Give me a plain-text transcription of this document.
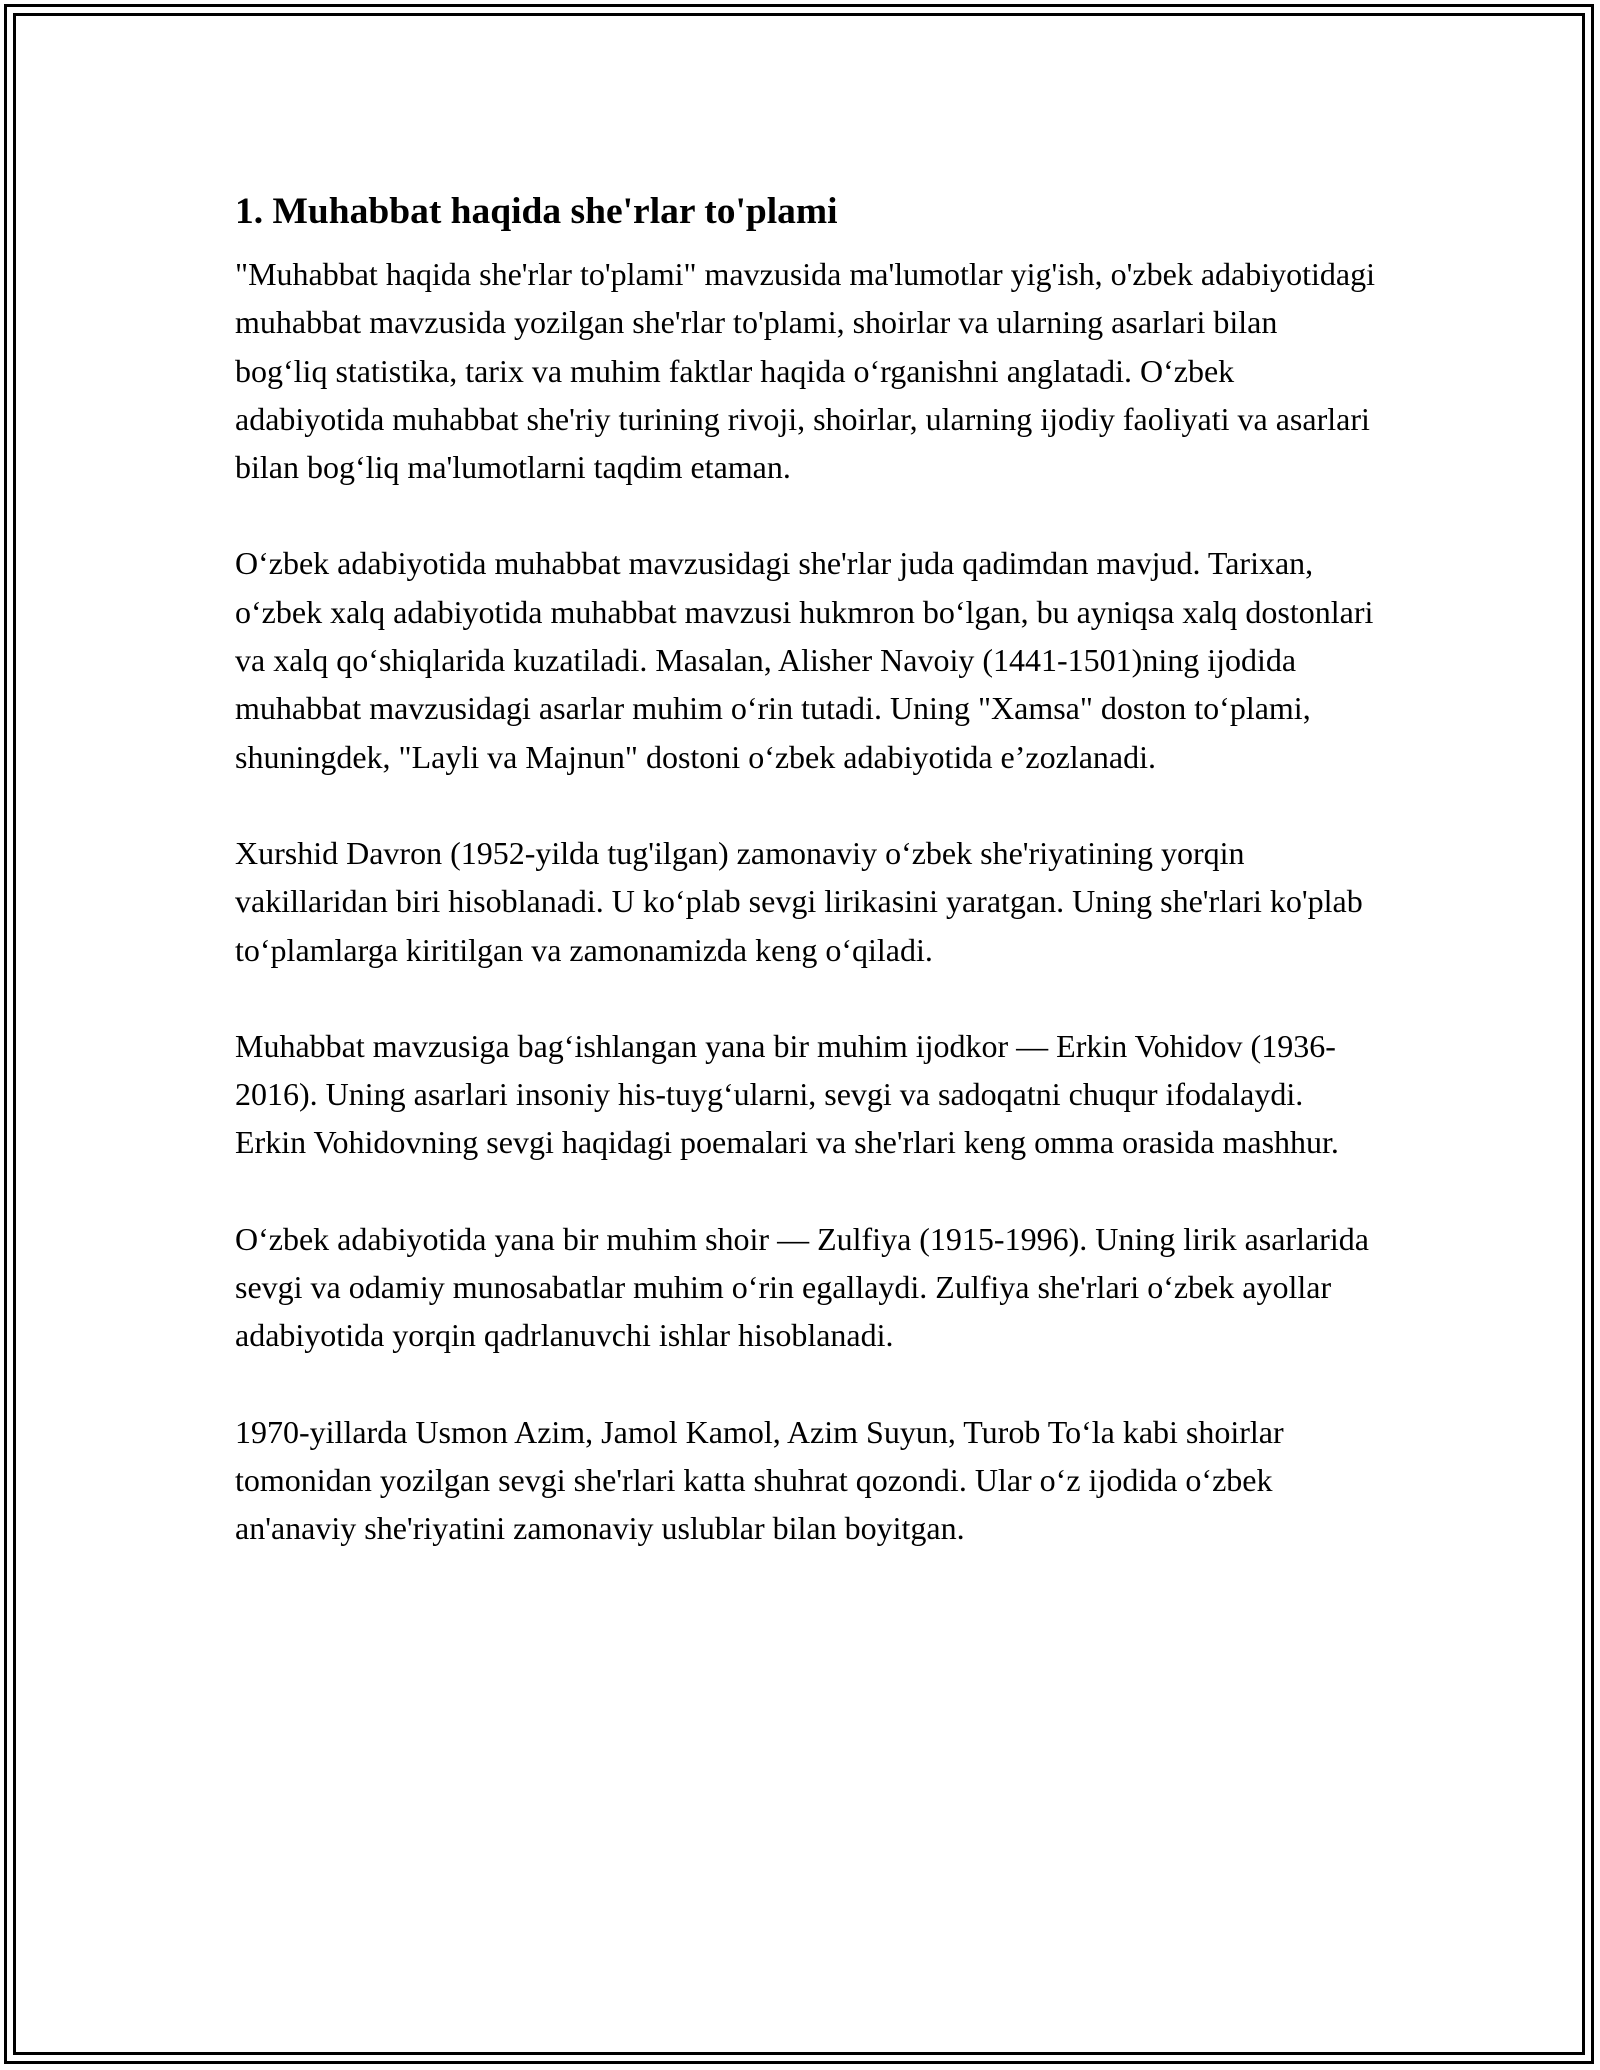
1. Muhabbat haqida she'rlar to'plami

"Muhabbat haqida she'rlar to'plami" mavzusida ma'lumotlar yig'ish, o'zbek adabiyotidagi muhabbat mavzusida yozilgan she'rlar to'plami, shoirlar va ularning asarlari bilan bog‘liq statistika, tarix va muhim faktlar haqida o‘rganishni anglatadi. O‘zbek adabiyotida muhabbat she'riy turining rivoji, shoirlar, ularning ijodiy faoliyati va asarlari bilan bog‘liq ma'lumotlarni taqdim etaman.

O‘zbek adabiyotida muhabbat mavzusidagi she'rlar juda qadimdan mavjud. Tarixan, o‘zbek xalq adabiyotida muhabbat mavzusi hukmron bo‘lgan, bu ayniqsa xalq dostonlari va xalq qo‘shiqlarida kuzatiladi. Masalan, Alisher Navoiy (1441-1501)ning ijodida muhabbat mavzusidagi asarlar muhim o‘rin tutadi. Uning "Xamsa" doston to‘plami, shuningdek, "Layli va Majnun" dostoni o‘zbek adabiyotida e’zozlanadi.

Xurshid Davron (1952-yilda tug'ilgan) zamonaviy o‘zbek she'riyatining yorqin vakillaridan biri hisoblanadi. U ko‘plab sevgi lirikasini yaratgan. Uning she'rlari ko'plab to‘plamlarga kiritilgan va zamonamizda keng o‘qiladi.

Muhabbat mavzusiga bag‘ishlangan yana bir muhim ijodkor — Erkin Vohidov (1936-2016). Uning asarlari insoniy his-tuyg‘ularni, sevgi va sadoqatni chuqur ifodalaydi. Erkin Vohidovning sevgi haqidagi poemalari va she'rlari keng omma orasida mashhur.

O‘zbek adabiyotida yana bir muhim shoir — Zulfiya (1915-1996). Uning lirik asarlarida sevgi va odamiy munosabatlar muhim o‘rin egallaydi. Zulfiya she'rlari o‘zbek ayollar adabiyotida yorqin qadrlanuvchi ishlar hisoblanadi.

1970-yillarda Usmon Azim, Jamol Kamol, Azim Suyun, Turob To‘la kabi shoirlar tomonidan yozilgan sevgi she'rlari katta shuhrat qozondi. Ular o‘z ijodida o‘zbek an'anaviy she'riyatini zamonaviy uslublar bilan boyitgan.
